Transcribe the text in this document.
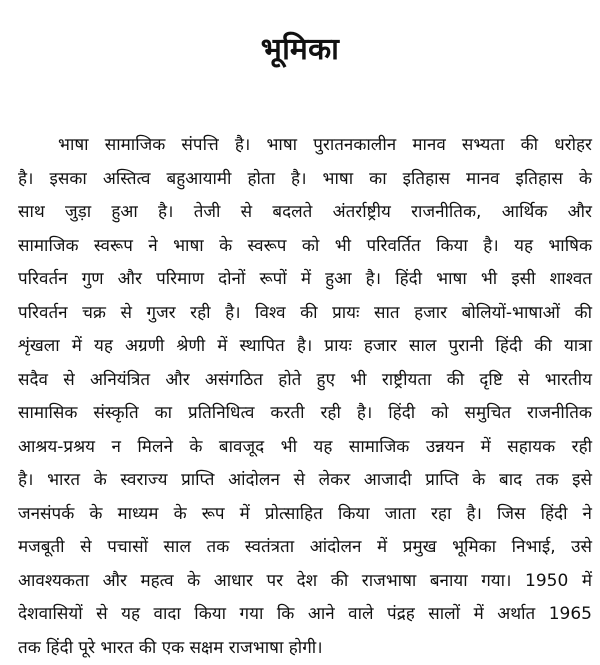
भूमिका
भाषा सामाजिक संपत्ति है। भाषा पुरातनकालीन मानव सभ्यता की धरोहर
है। इसका अस्तित्व बहुआयामी होता है। भाषा का इतिहास मानव इतिहास के
साथ जुड़ा हुआ है। तेजी से बदलते अंतर्राष्ट्रीय राजनीतिक, आर्थिक और
सामाजिक स्वरूप ने भाषा के स्वरूप को भी परिवर्तित किया है। यह भाषिक
परिवर्तन गुण और परिमाण दोनों रूपों में हुआ है। हिंदी भाषा भी इसी शाश्वत
परिवर्तन चक्र से गुजर रही है। विश्व की प्रायः सात हजार बोलियों-भाषाओं की
शृंखला में यह अग्रणी श्रेणी में स्थापित है। प्रायः हजार साल पुरानी हिंदी की यात्रा
सदैव से अनियंत्रित और असंगठित होते हुए भी राष्ट्रीयता की दृष्टि से भारतीय
सामासिक संस्कृति का प्रतिनिधित्व करती रही है। हिंदी को समुचित राजनीतिक
आश्रय-प्रश्रय न मिलने के बावजूद भी यह सामाजिक उन्नयन में सहायक रही
है। भारत के स्वराज्य प्राप्ति आंदोलन से लेकर आजादी प्राप्ति के बाद तक इसे
जनसंपर्क के माध्यम के रूप में प्रोत्साहित किया जाता रहा है। जिस हिंदी ने
मजबूती से पचासों साल तक स्वतंत्रता आंदोलन में प्रमुख भूमिका निभाई, उसे
आवश्यकता और महत्व के आधार पर देश की राजभाषा बनाया गया। 1950 में
देशवासियों से यह वादा किया गया कि आने वाले पंद्रह सालों में अर्थात 1965
तक हिंदी पूरे भारत की एक सक्षम राजभाषा होगी।
